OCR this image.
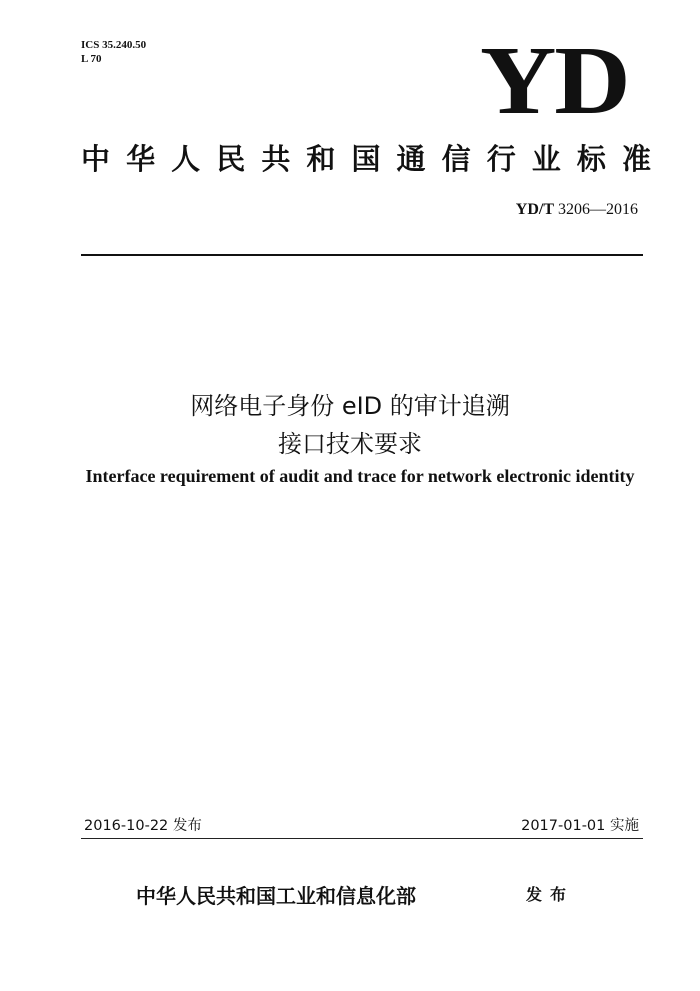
ICS 35.240.50
L 70	YD
中 华 人 民 共 和 国 通 信 行 业 标 准
YD/T 3206—2016
网络电子身份 eID 的审计追溯
接口技术要求
Interface requirement of audit and trace for network electronic identity
2016-10-22 发布	2017-01-01 实施
中华人民共和国工业和信息化部	发布
